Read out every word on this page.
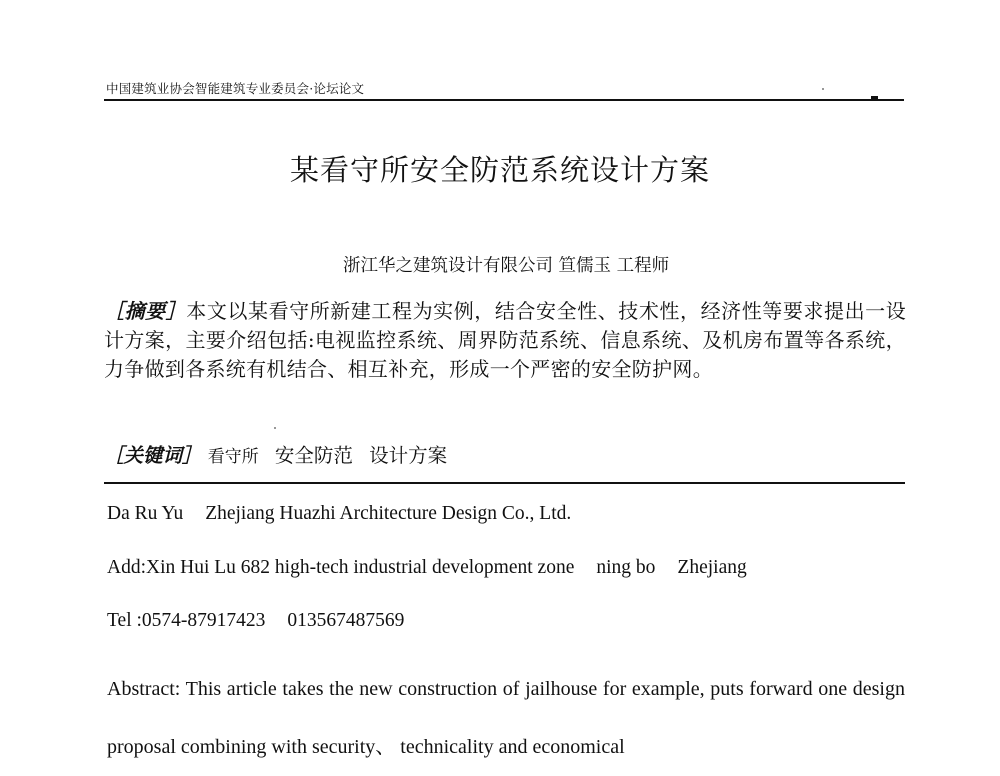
中国建筑业协会智能建筑专业委员会·论坛论文
某看守所安全防范系统设计方案
浙江华之建筑设计有限公司 笪儒玉 工程师
［摘要］本文以某看守所新建工程为实例，结合安全性、技术性，经济性等要求提出一设计方案，主要介绍包括:电视监控系统、周界防范系统、信息系统、及机房布置等各系统，力争做到各系统有机结合、相互补充，形成一个严密的安全防护网。
［关键词］ 看守所 安全防范 设计方案
Da Ru Yu Zhejiang Huazhi Architecture Design Co., Ltd.
Add:Xin Hui Lu 682 high-tech industrial development zone ning bo Zhejiang
Tel :0574-87917423 013567487569
Abstract: This article takes the new construction of jailhouse for example, puts forward one design proposal combining with security、 technicality and economical
